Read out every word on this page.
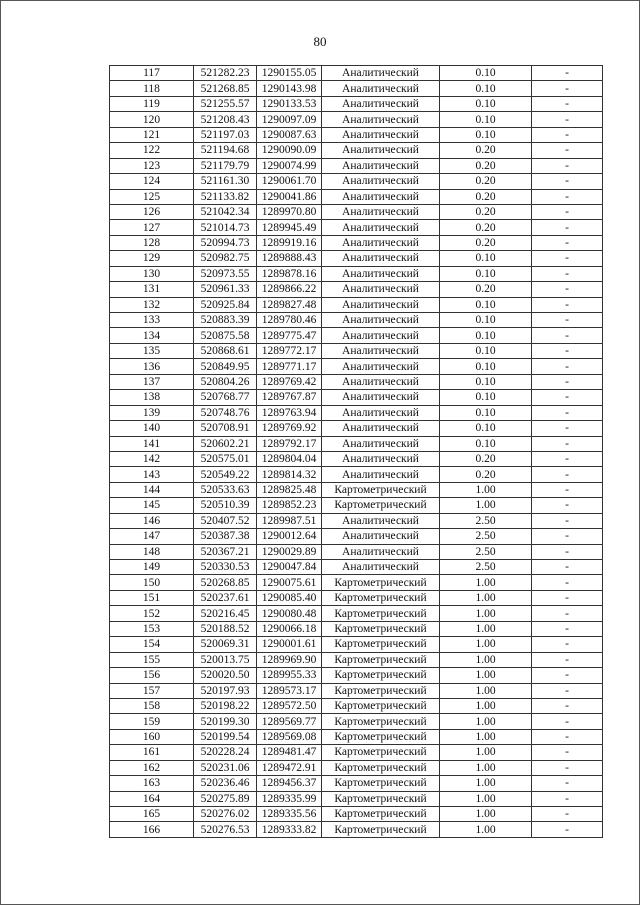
80
117	521282.23	1290155.05	Аналитический	0.10	-
118	521268.85	1290143.98	Аналитический	0.10	-
119	521255.57	1290133.53	Аналитический	0.10	-
120	521208.43	1290097.09	Аналитический	0.10	-
121	521197.03	1290087.63	Аналитический	0.10	-
122	521194.68	1290090.09	Аналитический	0.20	-
123	521179.79	1290074.99	Аналитический	0.20	-
124	521161.30	1290061.70	Аналитический	0.20	-
125	521133.82	1290041.86	Аналитический	0.20	-
126	521042.34	1289970.80	Аналитический	0.20	-
127	521014.73	1289945.49	Аналитический	0.20	-
128	520994.73	1289919.16	Аналитический	0.20	-
129	520982.75	1289888.43	Аналитический	0.10	-
130	520973.55	1289878.16	Аналитический	0.10	-
131	520961.33	1289866.22	Аналитический	0.20	-
132	520925.84	1289827.48	Аналитический	0.10	-
133	520883.39	1289780.46	Аналитический	0.10	-
134	520875.58	1289775.47	Аналитический	0.10	-
135	520868.61	1289772.17	Аналитический	0.10	-
136	520849.95	1289771.17	Аналитический	0.10	-
137	520804.26	1289769.42	Аналитический	0.10	-
138	520768.77	1289767.87	Аналитический	0.10	-
139	520748.76	1289763.94	Аналитический	0.10	-
140	520708.91	1289769.92	Аналитический	0.10	-
141	520602.21	1289792.17	Аналитический	0.10	-
142	520575.01	1289804.04	Аналитический	0.20	-
143	520549.22	1289814.32	Аналитический	0.20	-
144	520533.63	1289825.48	Картометрический	1.00	-
145	520510.39	1289852.23	Картометрический	1.00	-
146	520407.52	1289987.51	Аналитический	2.50	-
147	520387.38	1290012.64	Аналитический	2.50	-
148	520367.21	1290029.89	Аналитический	2.50	-
149	520330.53	1290047.84	Аналитический	2.50	-
150	520268.85	1290075.61	Картометрический	1.00	-
151	520237.61	1290085.40	Картометрический	1.00	-
152	520216.45	1290080.48	Картометрический	1.00	-
153	520188.52	1290066.18	Картометрический	1.00	-
154	520069.31	1290001.61	Картометрический	1.00	-
155	520013.75	1289969.90	Картометрический	1.00	-
156	520020.50	1289955.33	Картометрический	1.00	-
157	520197.93	1289573.17	Картометрический	1.00	-
158	520198.22	1289572.50	Картометрический	1.00	-
159	520199.30	1289569.77	Картометрический	1.00	-
160	520199.54	1289569.08	Картометрический	1.00	-
161	520228.24	1289481.47	Картометрический	1.00	-
162	520231.06	1289472.91	Картометрический	1.00	-
163	520236.46	1289456.37	Картометрический	1.00	-
164	520275.89	1289335.99	Картометрический	1.00	-
165	520276.02	1289335.56	Картометрический	1.00	-
166	520276.53	1289333.82	Картометрический	1.00	-
